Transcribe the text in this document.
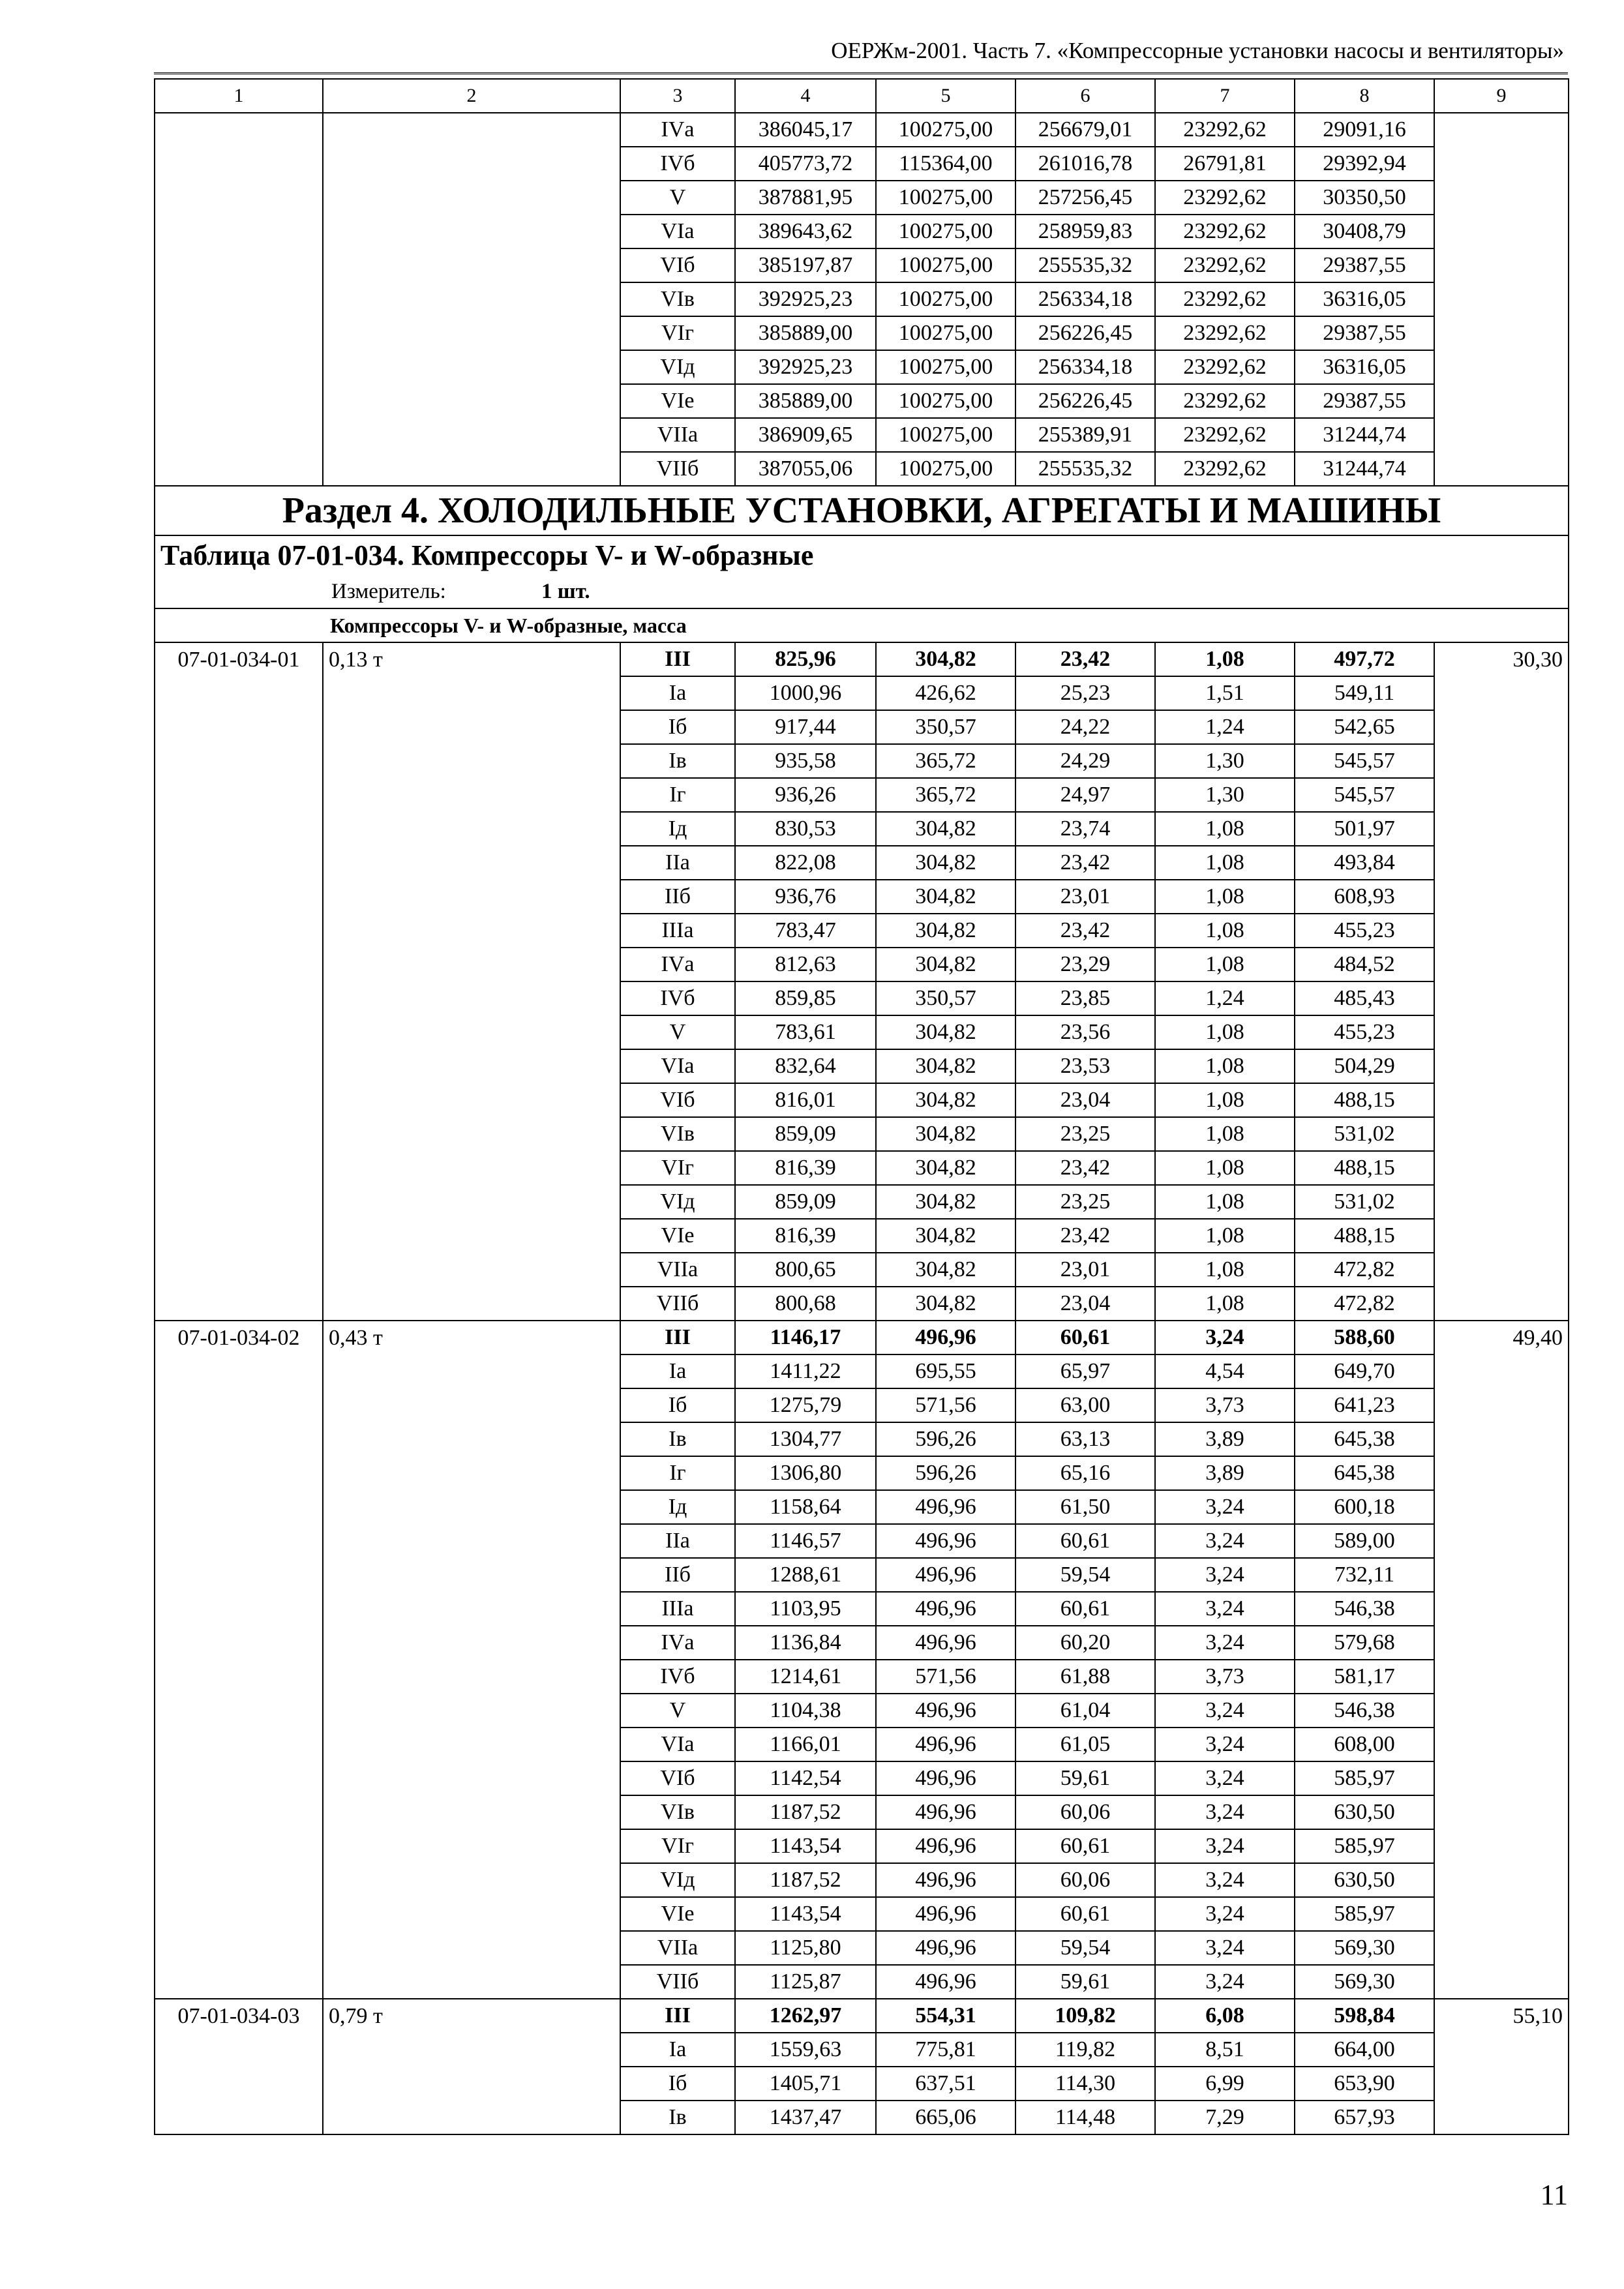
ОЕРЖм-2001. Часть 7. «Компрессорные установки насосы и вентиляторы»
1	2	3	4	5	6	7	8	9
		IVа	386045,17	100275,00	256679,01	23292,62	29091,16	
		IVб	405773,72	115364,00	261016,78	26791,81	29392,94	
		V	387881,95	100275,00	257256,45	23292,62	30350,50	
		VIа	389643,62	100275,00	258959,83	23292,62	30408,79	
		VIб	385197,87	100275,00	255535,32	23292,62	29387,55	
		VIв	392925,23	100275,00	256334,18	23292,62	36316,05	
		VIг	385889,00	100275,00	256226,45	23292,62	29387,55	
		VIд	392925,23	100275,00	256334,18	23292,62	36316,05	
		VIе	385889,00	100275,00	256226,45	23292,62	29387,55	
		VIIа	386909,65	100275,00	255389,91	23292,62	31244,74	
		VIIб	387055,06	100275,00	255535,32	23292,62	31244,74	
Раздел 4. ХОЛОДИЛЬНЫЕ УСТАНОВКИ, АГРЕГАТЫ И МАШИНЫ								
Таблица 07-01-034. Компрессоры V- и W-образные								
Измеритель: 1 шт.								
Компрессоры V- и W-образные, масса								
07-01-034-01	0,13 т	III	825,96	304,82	23,42	1,08	497,72	30,30
		Iа	1000,96	426,62	25,23	1,51	549,11	
		Iб	917,44	350,57	24,22	1,24	542,65	
		Iв	935,58	365,72	24,29	1,30	545,57	
		Iг	936,26	365,72	24,97	1,30	545,57	
		Iд	830,53	304,82	23,74	1,08	501,97	
		IIа	822,08	304,82	23,42	1,08	493,84	
		IIб	936,76	304,82	23,01	1,08	608,93	
		IIIа	783,47	304,82	23,42	1,08	455,23	
		IVа	812,63	304,82	23,29	1,08	484,52	
		IVб	859,85	350,57	23,85	1,24	485,43	
		V	783,61	304,82	23,56	1,08	455,23	
		VIа	832,64	304,82	23,53	1,08	504,29	
		VIб	816,01	304,82	23,04	1,08	488,15	
		VIв	859,09	304,82	23,25	1,08	531,02	
		VIг	816,39	304,82	23,42	1,08	488,15	
		VIд	859,09	304,82	23,25	1,08	531,02	
		VIе	816,39	304,82	23,42	1,08	488,15	
		VIIа	800,65	304,82	23,01	1,08	472,82	
		VIIб	800,68	304,82	23,04	1,08	472,82	
07-01-034-02	0,43 т	III	1146,17	496,96	60,61	3,24	588,60	49,40
		Iа	1411,22	695,55	65,97	4,54	649,70	
		Iб	1275,79	571,56	63,00	3,73	641,23	
		Iв	1304,77	596,26	63,13	3,89	645,38	
		Iг	1306,80	596,26	65,16	3,89	645,38	
		Iд	1158,64	496,96	61,50	3,24	600,18	
		IIа	1146,57	496,96	60,61	3,24	589,00	
		IIб	1288,61	496,96	59,54	3,24	732,11	
		IIIа	1103,95	496,96	60,61	3,24	546,38	
		IVа	1136,84	496,96	60,20	3,24	579,68	
		IVб	1214,61	571,56	61,88	3,73	581,17	
		V	1104,38	496,96	61,04	3,24	546,38	
		VIа	1166,01	496,96	61,05	3,24	608,00	
		VIб	1142,54	496,96	59,61	3,24	585,97	
		VIв	1187,52	496,96	60,06	3,24	630,50	
		VIг	1143,54	496,96	60,61	3,24	585,97	
		VIд	1187,52	496,96	60,06	3,24	630,50	
		VIе	1143,54	496,96	60,61	3,24	585,97	
		VIIа	1125,80	496,96	59,54	3,24	569,30	
		VIIб	1125,87	496,96	59,61	3,24	569,30	
07-01-034-03	0,79 т	III	1262,97	554,31	109,82	6,08	598,84	55,10
		Iа	1559,63	775,81	119,82	8,51	664,00	
		Iб	1405,71	637,51	114,30	6,99	653,90	
		Iв	1437,47	665,06	114,48	7,29	657,93	
11
